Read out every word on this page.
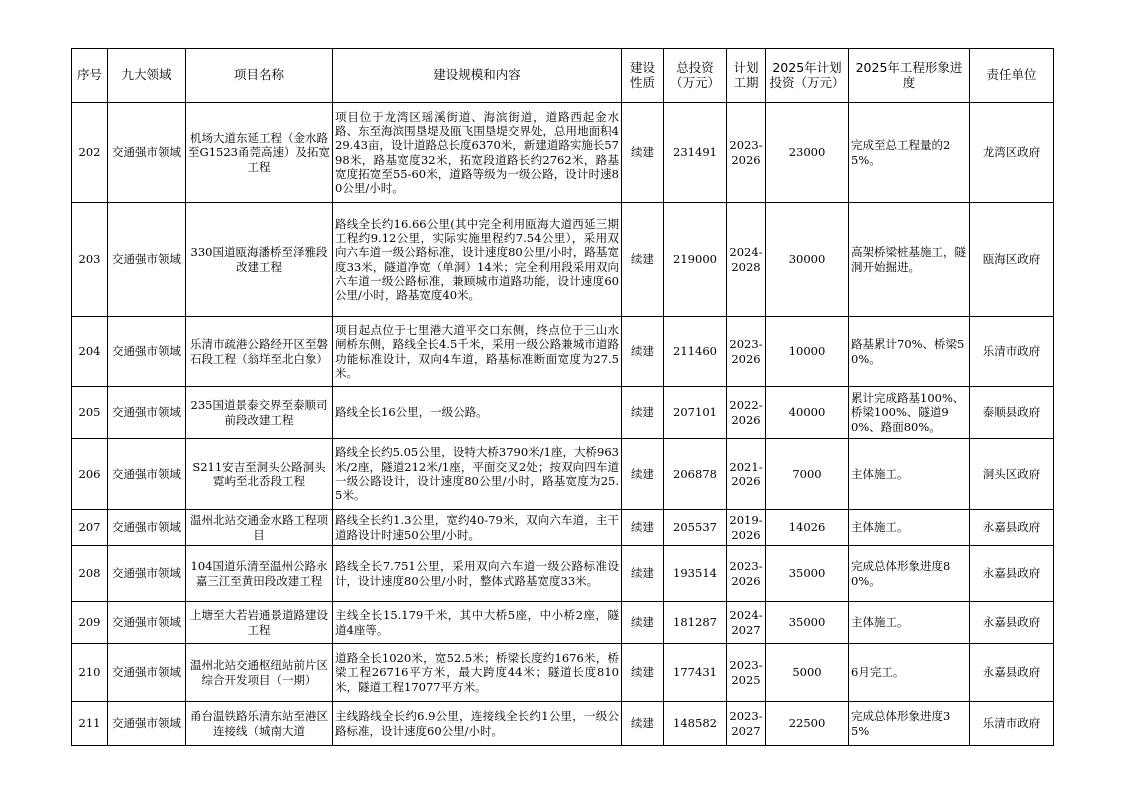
序号	九大领域	项目名称	建设规模和内容	建设性质	总投资（万元）	计划工期	2025年计划投资（万元）	2025年工程形象进度	责任单位
202	交通强市领域	机场大道东延工程（金水路至G1523甬莞高速）及拓宽工程	项目位于龙湾区瑶溪街道、海滨街道，道路西起金水路、东至海滨围垦堤及瓯飞围垦堤交界处，总用地面积429.43亩，设计道路总长度6370米，新建道路实施长5798米，路基宽度32米，拓宽段道路长约2762米，路基宽度拓宽至55-60米，道路等级为一级公路，设计时速80公里/小时。	续建	231491	2023-2026	23000	完成至总工程量的25%。	龙湾区政府
203	交通强市领域	330国道瓯海潘桥至泽雅段改建工程	路线全长约16.66公里(其中完全利用瓯海大道西延三期工程约9.12公里，实际实施里程约7.54公里），采用双向六车道一级公路标准，设计速度80公里/小时，路基宽度33米，隧道净宽（单洞）14米；完全利用段采用双向六车道一级公路标准，兼顾城市道路功能，设计速度60公里/小时，路基宽度40米。	续建	219000	2024-2028	30000	高架桥梁桩基施工，隧洞开始掘进。	瓯海区政府
204	交通强市领域	乐清市疏港公路经开区至磐石段工程（翁垟至北白象）	项目起点位于七里港大道平交口东侧，终点位于三山水闸桥东侧，路线全长4.5千米，采用一级公路兼城市道路功能标准设计，双向4车道，路基标准断面宽度为27.5米。	续建	211460	2023-2026	10000	路基累计70%、桥梁50%。	乐清市政府
205	交通强市领域	235国道景泰交界至泰顺司前段改建工程	路线全长16公里，一级公路。	续建	207101	2022-2026	40000	累计完成路基100%、桥梁100%、隧道90%、路面80%。	泰顺县政府
206	交通强市领域	S211安吉至洞头公路洞头霓屿至北岙段工程	路线全长约5.05公里，设特大桥3790米/1座，大桥963米/2座，隧道212米/1座，平面交叉2处；按双向四车道一级公路设计，设计速度80公里/小时，路基宽度为25.5米。	续建	206878	2021-2026	7000	主体施工。	洞头区政府
207	交通强市领域	温州北站交通金水路工程项目	路线全长约1.3公里，宽约40-79米，双向六车道，主干道路设计时速50公里/小时。	续建	205537	2019-2026	14026	主体施工。	永嘉县政府
208	交通强市领域	104国道乐清至温州公路永嘉三江至黄田段改建工程	路线全长7.751公里，采用双向六车道一级公路标准设计，设计速度80公里/小时，整体式路基宽度33米。	续建	193514	2023-2026	35000	完成总体形象进度80%。	永嘉县政府
209	交通强市领域	上塘至大若岩通景道路建设工程	主线全长15.179千米，其中大桥5座，中小桥2座，隧道4座等。	续建	181287	2024-2027	35000	主体施工。	永嘉县政府
210	交通强市领域	温州北站交通枢纽站前片区综合开发项目（一期）	道路全长1020米，宽52.5米；桥梁长度约1676米，桥梁工程26716平方米，最大跨度44米；隧道长度810米，隧道工程17077平方米。	续建	177431	2023-2025	5000	6月完工。	永嘉县政府
211	交通强市领域	甬台温铁路乐清东站至港区连接线（城南大道	主线路线全长约6.9公里，连接线全长约1公里，一级公路标准，设计速度60公里/小时。	续建	148582	2023-2027	22500	完成总体形象进度35%	乐清市政府
